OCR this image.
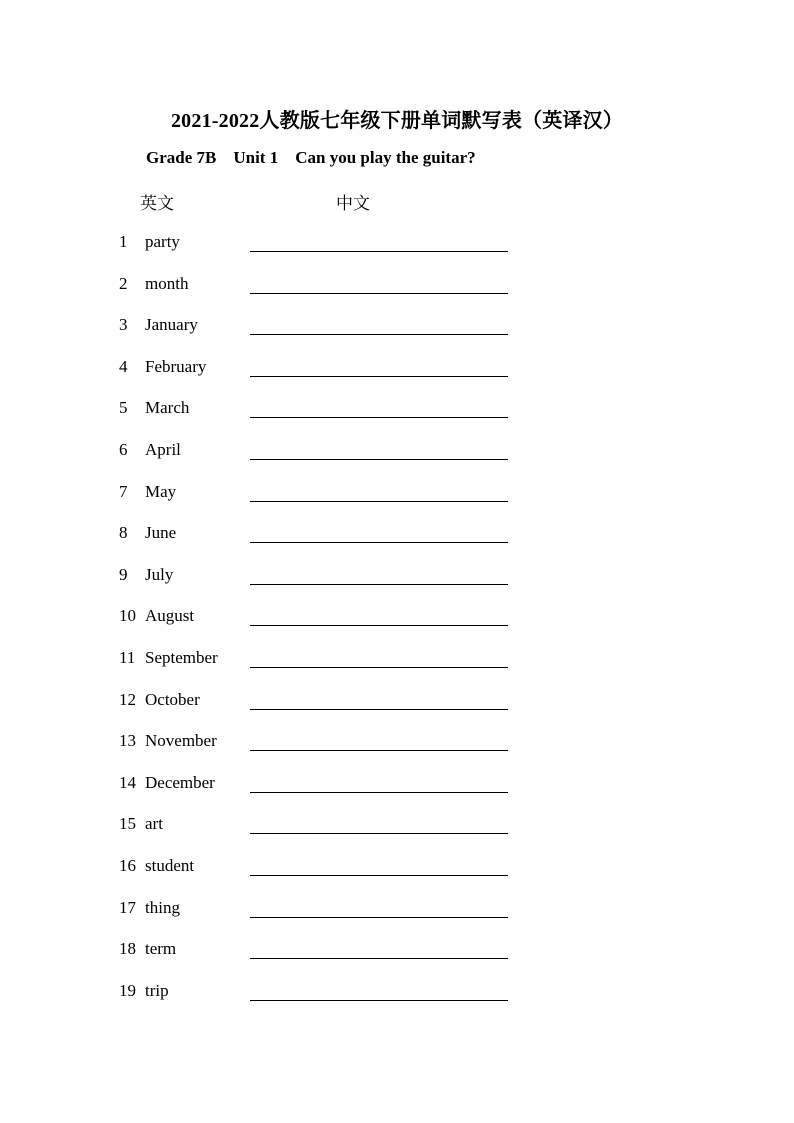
2021-2022人教版七年级下册单词默写表（英译汉）
Grade 7B    Unit 1    Can you play the guitar?
英文	中文
1 party
2 month
3 January
4 February
5 March
6 April
7 May
8 June
9 July
10 August
11 September
12 October
13 November
14 December
15 art
16 student
17 thing
18 term
19 trip
